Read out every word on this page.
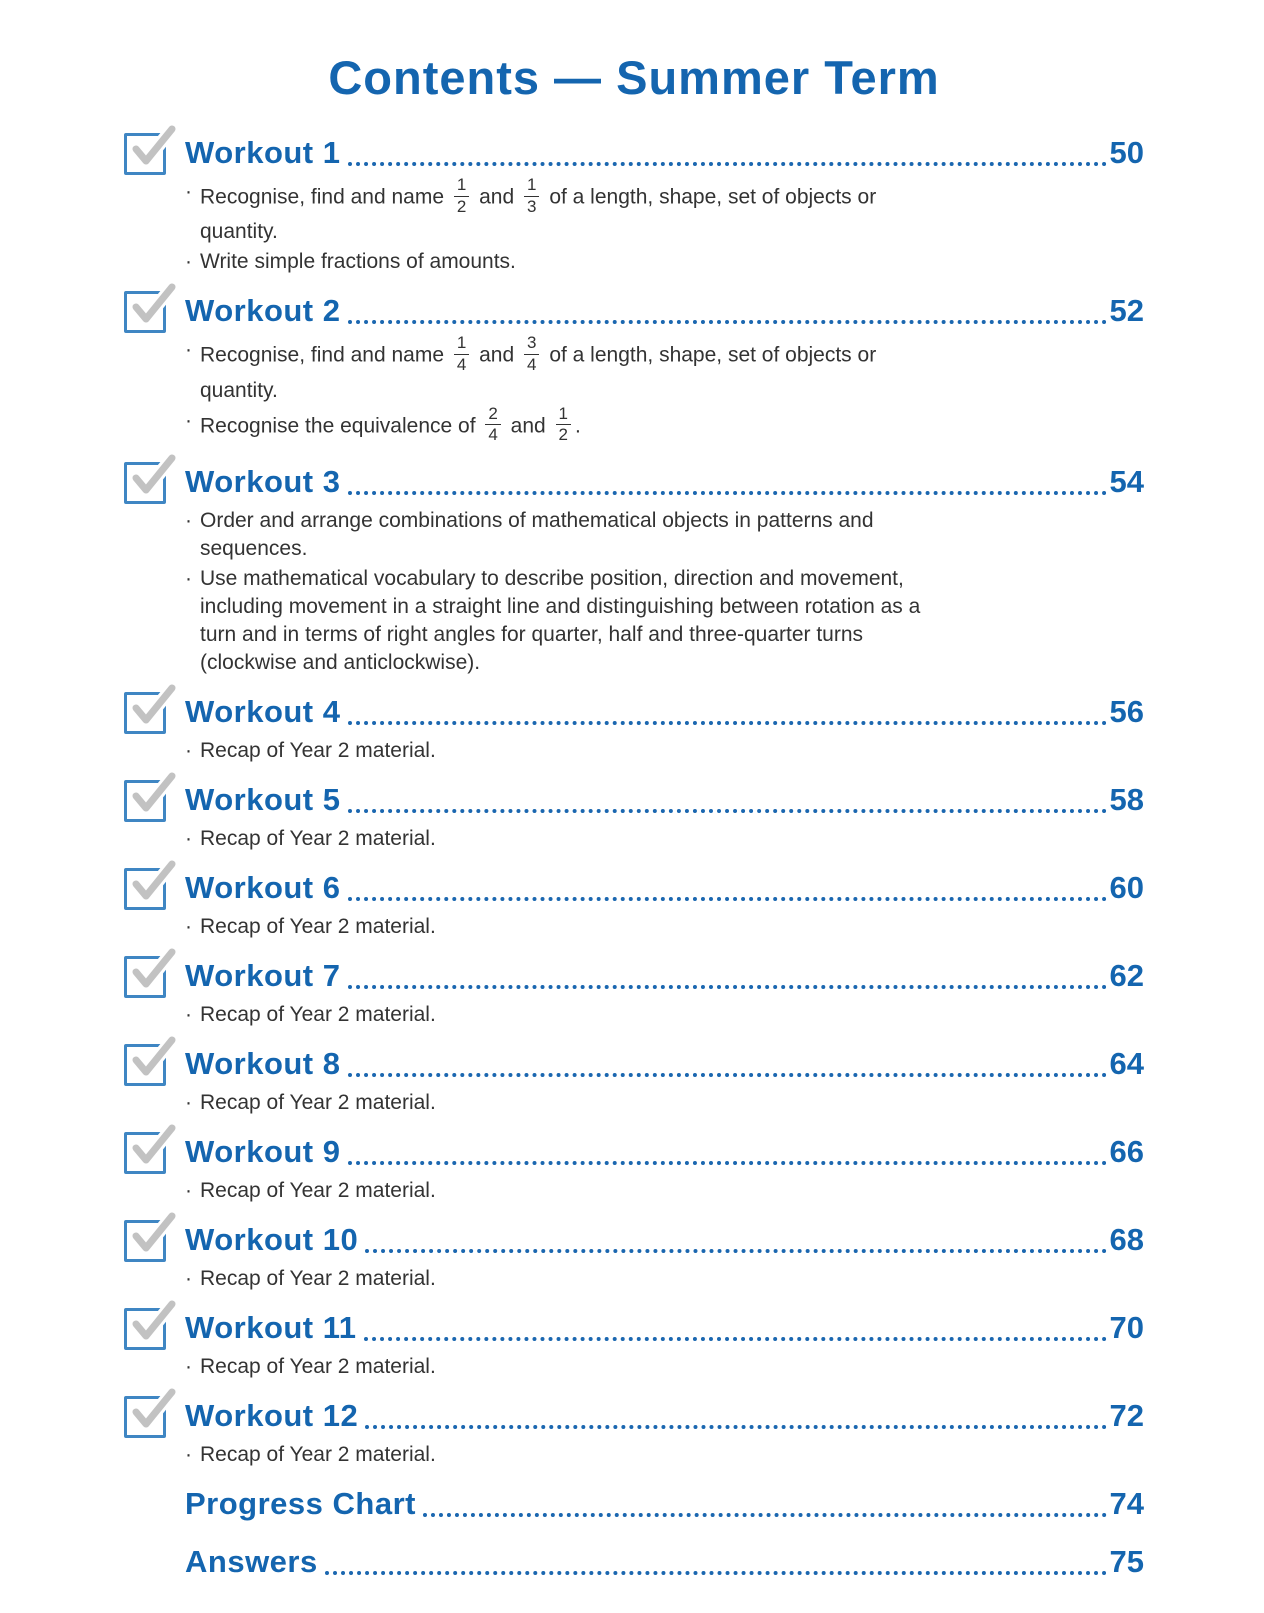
Contents — Summer Term
Workout 1	50
· Recognise, find and name $\frac{1}{2}$ and $\frac{1}{3}$ of a length, shape, set of objects or quantity.
· Write simple fractions of amounts.
Workout 2	52
· Recognise, find and name $\frac{1}{4}$ and $\frac{3}{4}$ of a length, shape, set of objects or quantity.
· Recognise the equivalence of $\frac{2}{4}$ and $\frac{1}{2}$ .
Workout 3	54
· Order and arrange combinations of mathematical objects in patterns and sequences.
· Use mathematical vocabulary to describe position, direction and movement, including movement in a straight line and distinguishing between rotation as a turn and in terms of right angles for quarter, half and three-quarter turns (clockwise and anticlockwise).
Workout 4	56
· Recap of Year 2 material.
Workout 5	58
· Recap of Year 2 material.
Workout 6	60
· Recap of Year 2 material.
Workout 7	62
· Recap of Year 2 material.
Workout 8	64
· Recap of Year 2 material.
Workout 9	66
· Recap of Year 2 material.
Workout 10	68
· Recap of Year 2 material.
Workout 11	70
· Recap of Year 2 material.
Workout 12	72
· Recap of Year 2 material.
Progress Chart	74
Answers	75
